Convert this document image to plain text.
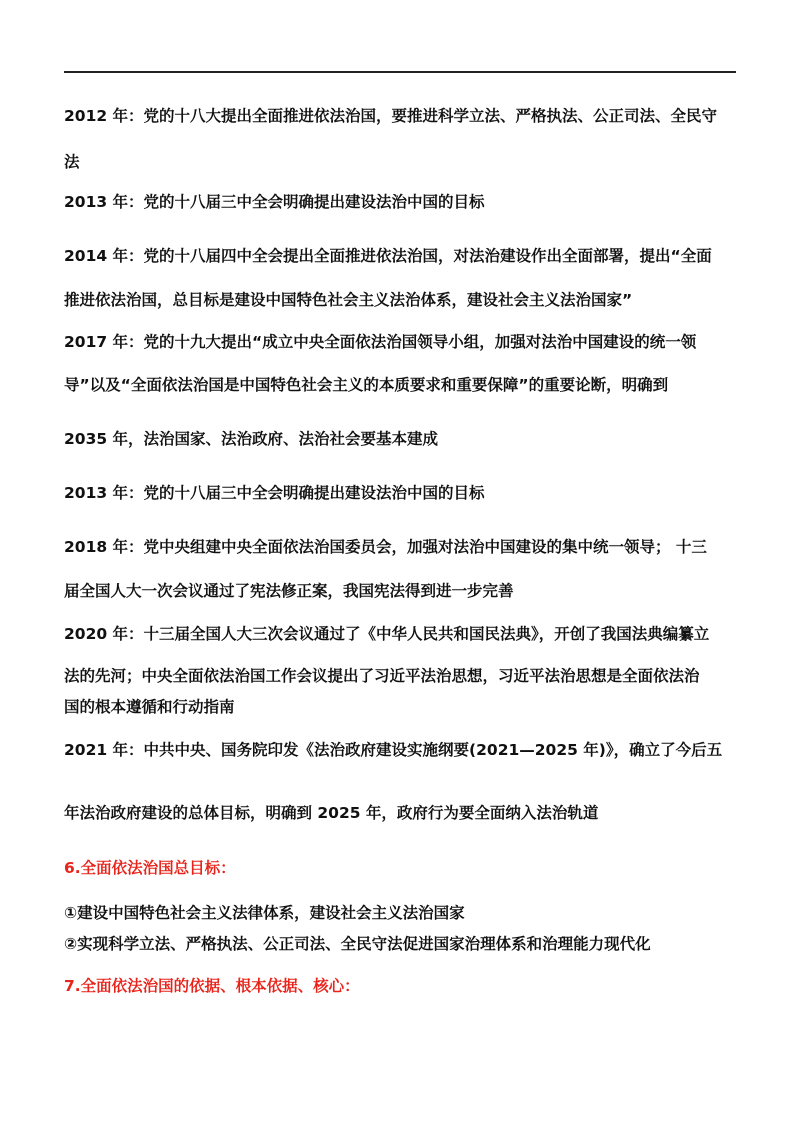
2012 年：党的十八大提出全面推进依法治国，要推进科学立法、严格执法、公正司法、全民守
法
2013 年：党的十八届三中全会明确提出建设法治中国的目标
2014 年：党的十八届四中全会提出全面推进依法治国，对法治建设作出全面部署，提出“全面
推进依法治国，总目标是建设中国特色社会主义法治体系，建设社会主义法治国家”
2017 年：党的十九大提出“成立中央全面依法治国领导小组，加强对法治中国建设的统一领
导”以及“全面依法治国是中国特色社会主义的本质要求和重要保障”的重要论断，明确到
2035 年，法治国家、法治政府、法治社会要基本建成
2013 年：党的十八届三中全会明确提出建设法治中国的目标
2018 年：党中央组建中央全面依法治国委员会，加强对法治中国建设的集中统一领导； 十三
届全国人大一次会议通过了宪法修正案，我国宪法得到进一步完善
2020 年：十三届全国人大三次会议通过了《中华人民共和国民法典》，开创了我国法典编纂立
法的先河；中央全面依法治国工作会议提出了习近平法治思想，习近平法治思想是全面依法治
国的根本遵循和行动指南
2021 年：中共中央、国务院印发《法治政府建设实施纲要(2021—2025 年)》，确立了今后五
年法治政府建设的总体目标，明确到 2025 年，政府行为要全面纳入法治轨道
6.全面依法治国总目标：
①建设中国特色社会主义法律体系，建设社会主义法治国家
②实现科学立法、严格执法、公正司法、全民守法促进国家治理体系和治理能力现代化
7.全面依法治国的依据、根本依据、核心：
